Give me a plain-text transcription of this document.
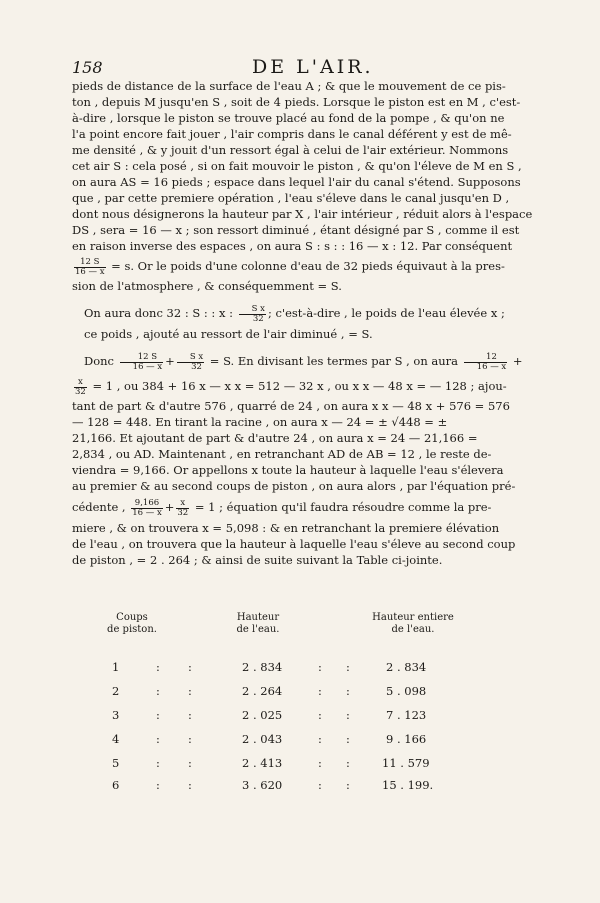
158	DE L'AIR.
pieds de distance de la surface de l'eau A ; & que le mouvement de ce pis-
ton , depuis M jusqu'en S , soit de 4 pieds. Lorsque le piston est en M , c'est-
à-dire , lorsque le piston se trouve placé au fond de la pompe , & qu'on ne
l'a point encore fait jouer , l'air compris dans le canal déférent y est de mê-
me densité , & y jouit d'un ressort égal à celui de l'air extérieur. Nommons
cet air S : cela posé , si on fait mouvoir le piston , & qu'on l'éleve de M en S ,
on aura AS = 16 pieds ; espace dans lequel l'air du canal s'étend. Supposons
que , par cette premiere opération , l'eau s'éleve dans le canal jusqu'en D ,
dont nous désignerons la hauteur par X , l'air intérieur , réduit alors à l'espace
DS , sera = 16 — x ; son ressort diminué , étant désigné par S , comme il est
en raison inverse des espaces , on aura S : s : : 16 — x : 12. Par conséquent
$\frac{12 S}{16 — x} = s$. Or le poids d'une colonne d'eau de 32 pieds équivaut à la pres-
sion de l'atmosphere , & conséquemment = S.
On aura donc 32 : S : : x : $\frac{\text{S x}}{32}$ ; c'est-à-dire , le poids de l'eau élevée x ;
ce poids , ajouté au ressort de l'air diminué , = S.
Donc $\frac{12 S}{16 — x} + \frac{\text{S x}}{32} = S$. En divisant les termes par S , on aura $\frac{12}{16 — x}$ +
$\frac{x}{32} = 1$ , ou 384 + 16 x — x x = 512 — 32 x , ou x x — 48 x = — 128 ; ajou-
tant de part & d'autre 576 , quarré de 24 , on aura x x — 48 x + 576 = 576
— 128 = 448. En tirant la racine , on aura x — 24 = ± √448 = ±
21,166. Et ajoutant de part & d'autre 24 , on aura x = 24 — 21,166 =
2,834 , ou AD. Maintenant , en retranchant AD de AB = 12 , le reste de-
viendra = 9,166. Or appellons x toute la hauteur à laquelle l'eau s'élevera
au premier & au second coups de piston , on aura alors , par l'équation pré-
cédente , $\frac{9,166}{16 — x} + \frac{x}{32} = 1$ ; équation qu'il faudra résoudre comme la pre-
miere , & on trouvera x = 5,098 : & en retranchant la premiere élévation
de l'eau , on trouvera que la hauteur à laquelle l'eau s'éleve au second coup
de piston , = 2 . 264 ; & ainsi de suite suivant la Table ci-jointe.
Coups
de piston.
Hauteur
de l'eau.
Hauteur entiere
de l'eau.
1	: :	2 . 834	: :	2 . 834
2	: :	2 . 264	: :	5 . 098
3	: :	2 . 025	: :	7 . 123
4	: :	2 . 043	: :	9 . 166
5	: :	2 . 413	: :	11 . 579
6	: :	3 . 620	: :	15 . 199.
